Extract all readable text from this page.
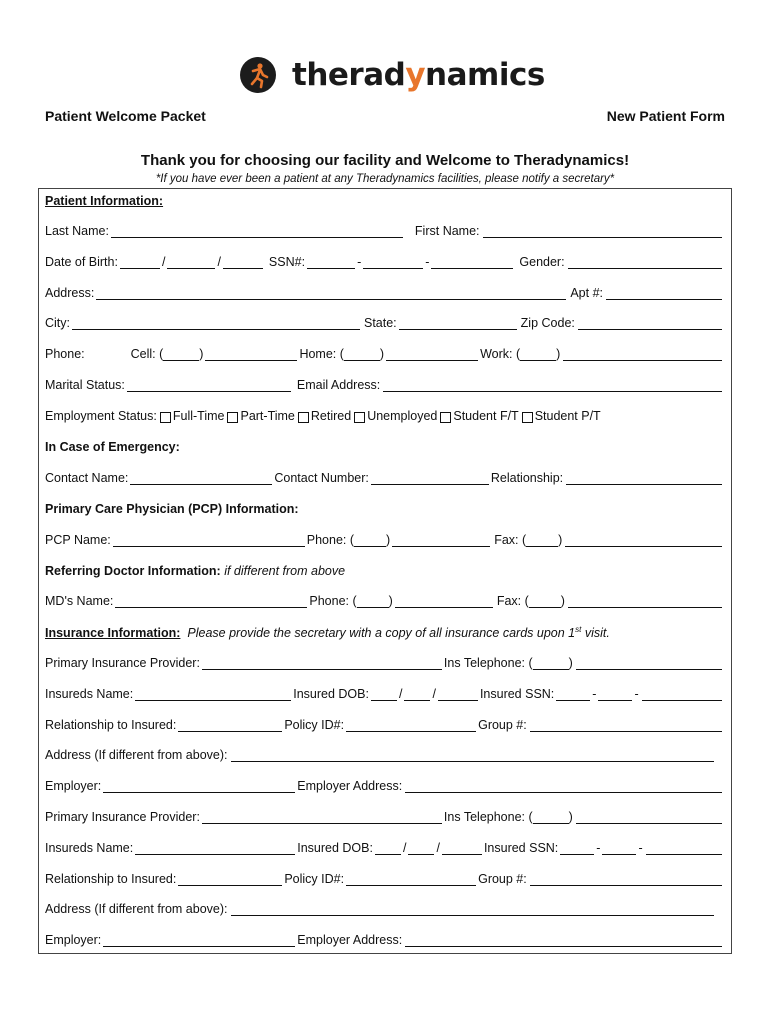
theradynamics
Patient Welcome Packet	New Patient Form
Thank you for choosing our facility and Welcome to Theradynamics!
*If you have ever been a patient at any Theradynamics facilities, please notify a secretary*
Patient Information:
Last Name:	First Name:
Date of Birth:	/	/	SSN#:	-	-	Gender:
Address:	Apt #:
City:	State:	Zip Code:
Phone:	Cell: (	)	Home: (	)	Work: (	)
Marital Status:	Email Address:
Employment Status: Full-Time Part-Time Retired Unemployed Student F/T Student P/T
In Case of Emergency:
Contact Name:	Contact Number:	Relationship:
Primary Care Physician (PCP) Information:
PCP Name:	Phone: (	)	Fax: (	)
Referring Doctor Information:
if different from above
MD's Name:	Phone: (	)	Fax: (	)
Insurance Information:
Please provide the secretary with a copy of all insurance cards upon 1st visit.
Primary Insurance Provider:	Ins Telephone: (	)
Insureds Name:	Insured DOB: / /	Insured SSN:	-	-
Relationship to Insured:	Policy ID#:	Group #:
Address (If different from above):
Employer:	Employer Address:
Primary Insurance Provider:	Ins Telephone: (	)
Insureds Name:	Insured DOB: / /	Insured SSN:	-	-
Relationship to Insured:	Policy ID#:	Group #:
Address (If different from above):
Employer:	Employer Address:
